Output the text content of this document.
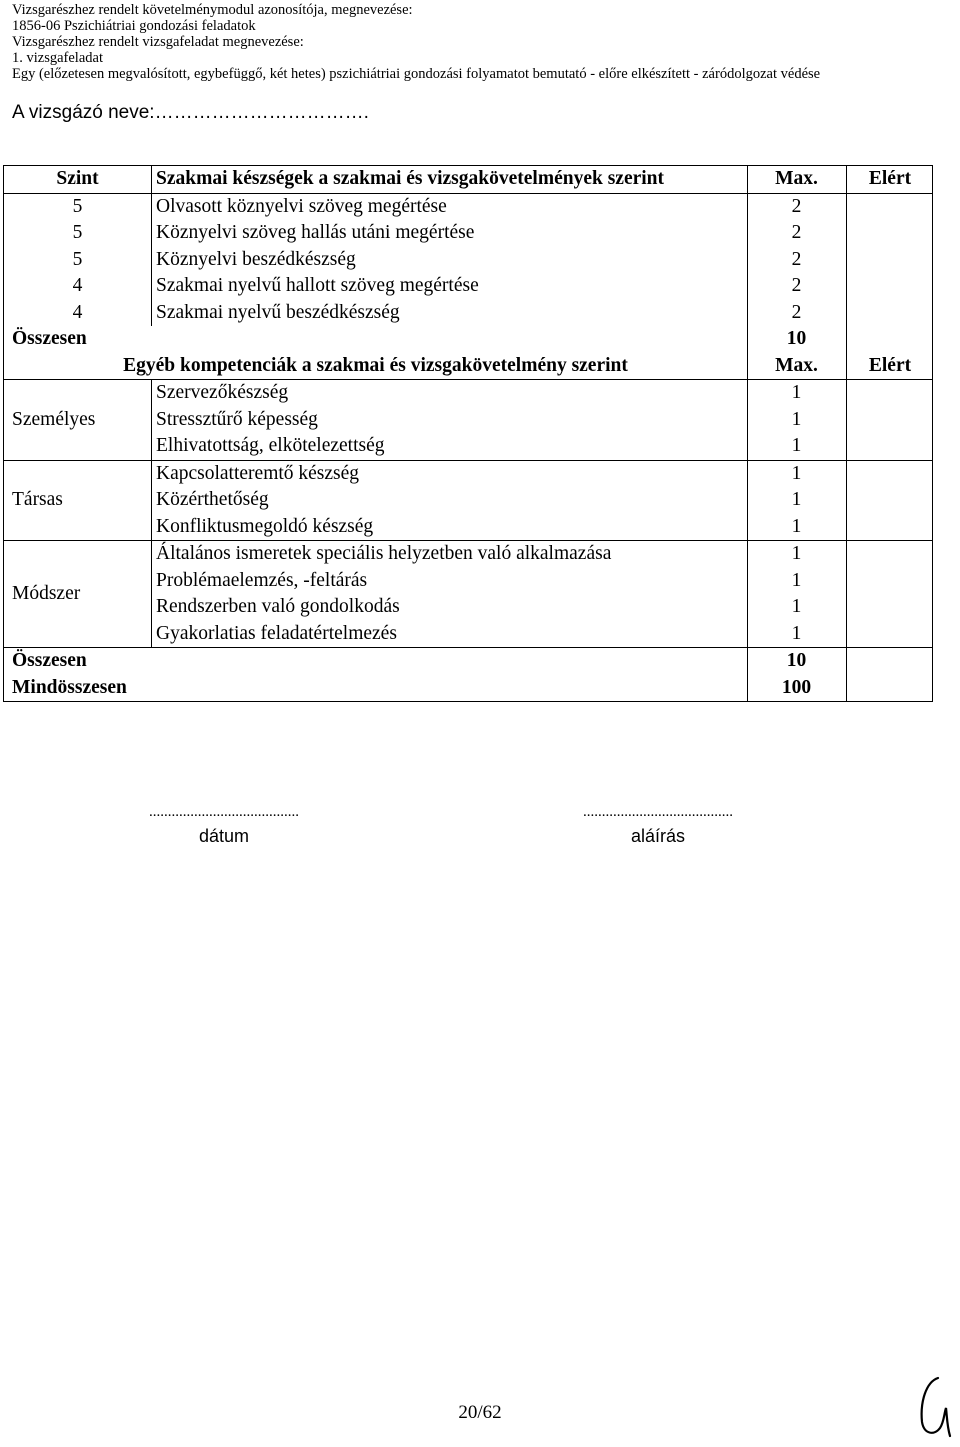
Vizsgarészhez rendelt követelménymodul azonosítója, megnevezése:
1856-06 Pszichiátriai gondozási feladatok
Vizsgarészhez rendelt vizsgafeladat megnevezése:
1. vizsgafeladat
Egy (előzetesen megvalósított, egybefüggő, két hetes) pszichiátriai gondozási folyamatot bemutató - előre elkészített - záródolgozat védése
A vizsgázó neve:…………………………….
Szint	Szakmai készségek a szakmai és vizsgakövetelmények szerint	Max.	Elért
5	Olvasott köznyelvi szöveg megértése	2
5	Köznyelvi szöveg hallás utáni megértése	2
5	Köznyelvi beszédkészség	2
4	Szakmai nyelvű hallott szöveg megértése	2
4	Szakmai nyelvű beszédkészség	2
Összesen	10
Egyéb kompetenciák a szakmai és vizsgakövetelmény szerint	Max.	Elért
Személyes
Szervezőkészség	1
Stressztűrő képesség	1
Elhivatottság, elkötelezettség	1
Társas
Kapcsolatteremtő készség	1
Közérthetőség	1
Konfliktusmegoldó készség	1
Módszer
Általános ismeretek speciális helyzetben való alkalmazása	1
Problémaelemzés, -feltárás	1
Rendszerben való gondolkodás	1
Gyakorlatias feladatértelmezés	1
Összesen	10
Mindösszesen	100
........................................
dátum
........................................
aláírás
20/62
